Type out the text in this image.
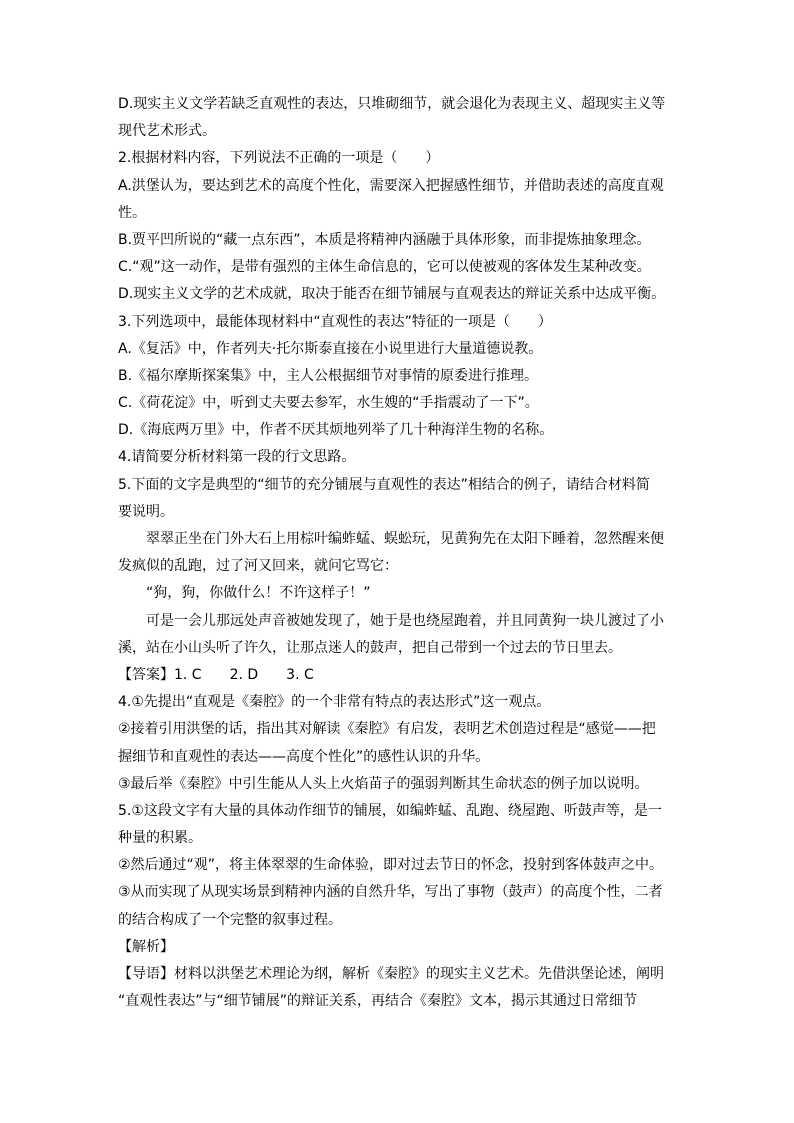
D.现实主义文学若缺乏直观性的表达，只堆砌细节，就会退化为表现主义、超现实主义等
现代艺术形式。
2.根据材料内容，下列说法不正确的一项是（　　）
A.洪堡认为，要达到艺术的高度个性化，需要深入把握感性细节，并借助表述的高度直观
性。
B.贾平凹所说的“藏一点东西”，本质是将精神内涵融于具体形象，而非提炼抽象理念。
C.“观”这一动作，是带有强烈的主体生命信息的，它可以使被观的客体发生某种改变。
D.现实主义文学的艺术成就，取决于能否在细节铺展与直观表达的辩证关系中达成平衡。
3.下列选项中，最能体现材料中“直观性的表达”特征的一项是（　　）
A.《复活》中，作者列夫·托尔斯泰直接在小说里进行大量道德说教。
B.《福尔摩斯探案集》中，主人公根据细节对事情的原委进行推理。
C.《荷花淀》中，听到丈夫要去参军，水生嫂的“手指震动了一下”。
D.《海底两万里》中，作者不厌其烦地列举了几十种海洋生物的名称。
4.请简要分析材料第一段的行文思路。
5.下面的文字是典型的“细节的充分铺展与直观性的表达”相结合的例子，请结合材料简
要说明。
翠翠正坐在门外大石上用棕叶编蚱蜢、蜈蚣玩，见黄狗先在太阳下睡着，忽然醒来便
发疯似的乱跑，过了河又回来，就问它骂它：
“狗，狗，你做什么！不许这样子！”
可是一会儿那远处声音被她发现了，她于是也绕屋跑着，并且同黄狗一块儿渡过了小
溪，站在小山头听了许久，让那点迷人的鼓声，把自己带到一个过去的节日里去。
【答案】1. C　　2. D　　3. C
4.①先提出“直观是《秦腔》的一个非常有特点的表达形式”这一观点。
②接着引用洪堡的话，指出其对解读《秦腔》有启发，表明艺术创造过程是“感觉——把
握细节和直观性的表达——高度个性化”的感性认识的升华。
③最后举《秦腔》中引生能从人头上火焰苗子的强弱判断其生命状态的例子加以说明。
5.①这段文字有大量的具体动作细节的铺展，如编蚱蜢、乱跑、绕屋跑、听鼓声等，是一
种量的积累。
②然后通过“观”，将主体翠翠的生命体验，即对过去节日的怀念，投射到客体鼓声之中。
③从而实现了从现实场景到精神内涵的自然升华，写出了事物（鼓声）的高度个性，二者
的结合构成了一个完整的叙事过程。
【解析】
【导语】材料以洪堡艺术理论为纲，解析《秦腔》的现实主义艺术。先借洪堡论述，阐明
“直观性表达”与“细节铺展”的辩证关系，再结合《秦腔》文本，揭示其通过日常细节
